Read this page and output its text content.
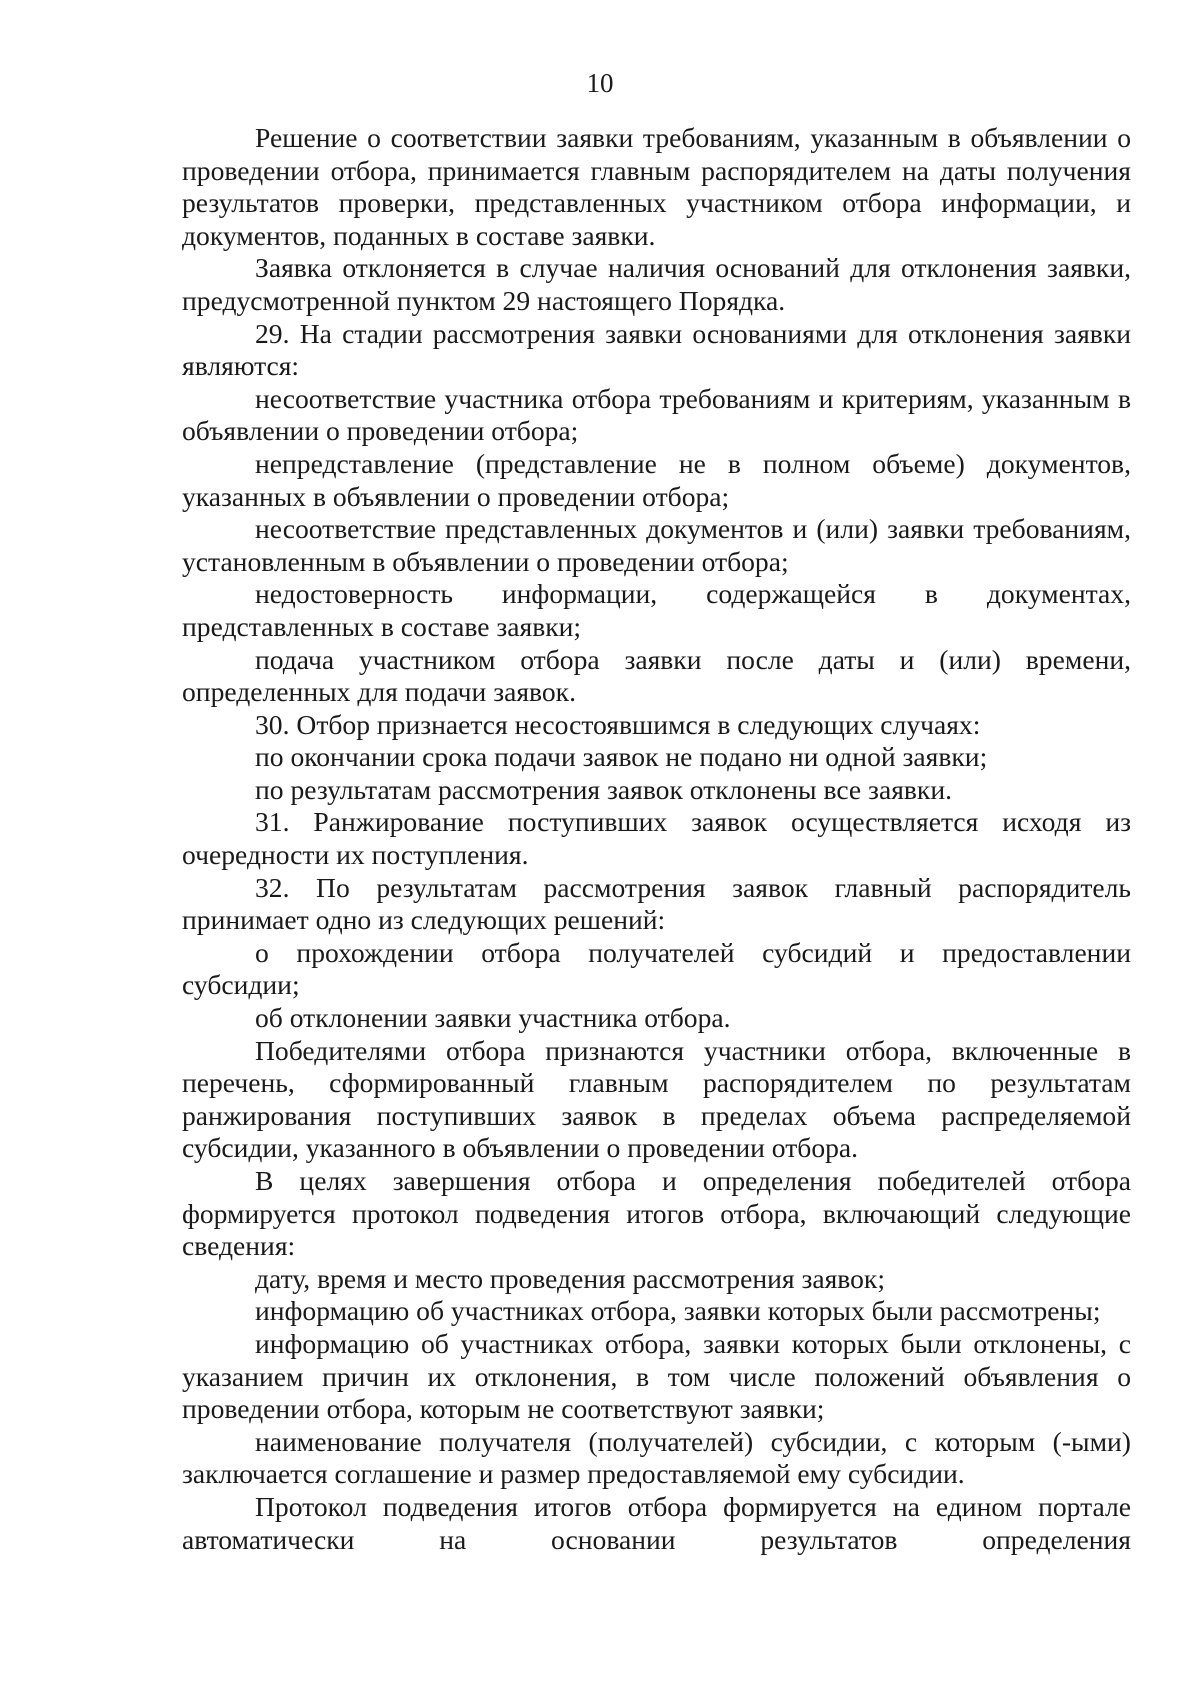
10

Решение о соответствии заявки требованиям, указанным в объявлении о проведении отбора, принимается главным распорядителем на даты получения результатов проверки, представленных участником отбора информации, и документов, поданных в составе заявки.

Заявка отклоняется в случае наличия оснований для отклонения заявки, предусмотренной пунктом 29 настоящего Порядка.

29. На стадии рассмотрения заявки основаниями для отклонения заявки являются:

несоответствие участника отбора требованиям и критериям, указанным в объявлении о проведении отбора;

непредставление (представление не в полном объеме) документов, указанных в объявлении о проведении отбора;

несоответствие представленных документов и (или) заявки требованиям, установленным в объявлении о проведении отбора;

недостоверность информации, содержащейся в документах, представленных в составе заявки;

подача участником отбора заявки после даты и (или) времени, определенных для подачи заявок.

30. Отбор признается несостоявшимся в следующих случаях:

по окончании срока подачи заявок не подано ни одной заявки;

по результатам рассмотрения заявок отклонены все заявки.

31. Ранжирование поступивших заявок осуществляется исходя из очередности их поступления.

32. По результатам рассмотрения заявок главный распорядитель принимает одно из следующих решений:

о прохождении отбора получателей субсидий и предоставлении субсидии;

об отклонении заявки участника отбора.

Победителями отбора признаются участники отбора, включенные в перечень, сформированный главным распорядителем по результатам ранжирования поступивших заявок в пределах объема распределяемой субсидии, указанного в объявлении о проведении отбора.

В целях завершения отбора и определения победителей отбора формируется протокол подведения итогов отбора, включающий следующие сведения:

дату, время и место проведения рассмотрения заявок;

информацию об участниках отбора, заявки которых были рассмотрены;

информацию об участниках отбора, заявки которых были отклонены, с указанием причин их отклонения, в том числе положений объявления о проведении отбора, которым не соответствуют заявки;

наименование получателя (получателей) субсидии, с которым (-ыми) заключается соглашение и размер предоставляемой ему субсидии.

Протокол подведения итогов отбора формируется на едином портале автоматически на основании результатов определения
